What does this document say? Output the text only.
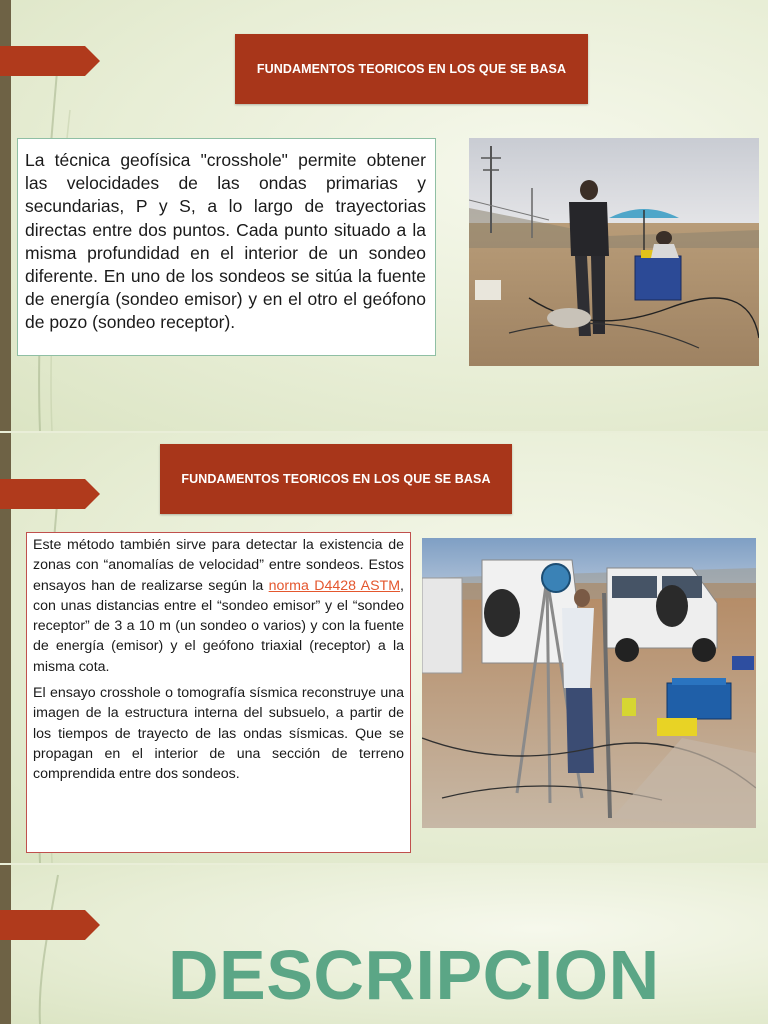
FUNDAMENTOS TEORICOS EN LOS QUE SE BASA
La técnica geofísica "crosshole" permite obtener las velocidades de las ondas primarias y secundarias, P y S, a lo largo de trayectorias directas entre dos puntos. Cada punto situado a la misma profundidad en el interior de un sondeo diferente. En uno de los sondeos se sitúa la fuente de energía (sondeo emisor) y en el otro el geófono de pozo (sondeo receptor).
FUNDAMENTOS TEORICOS EN LOS QUE SE BASA

Este método también sirve para detectar la existencia de zonas con “anomalías de velocidad” entre sondeos. Estos ensayos han de realizarse según la norma D4428 ASTM, con unas distancias entre el “sondeo emisor” y el “sondeo receptor” de 3 a 10 m (un sondeo o varios) y con la fuente de energía (emisor) y el geófono triaxial (receptor) a la misma cota.

El ensayo crosshole o tomografía sísmica reconstruye una imagen de la estructura interna del subsuelo, a partir de los tiempos de trayecto de las ondas sísmicas. Que se propagan en el interior de una sección de terreno comprendida entre dos sondeos.

DESCRIPCION
